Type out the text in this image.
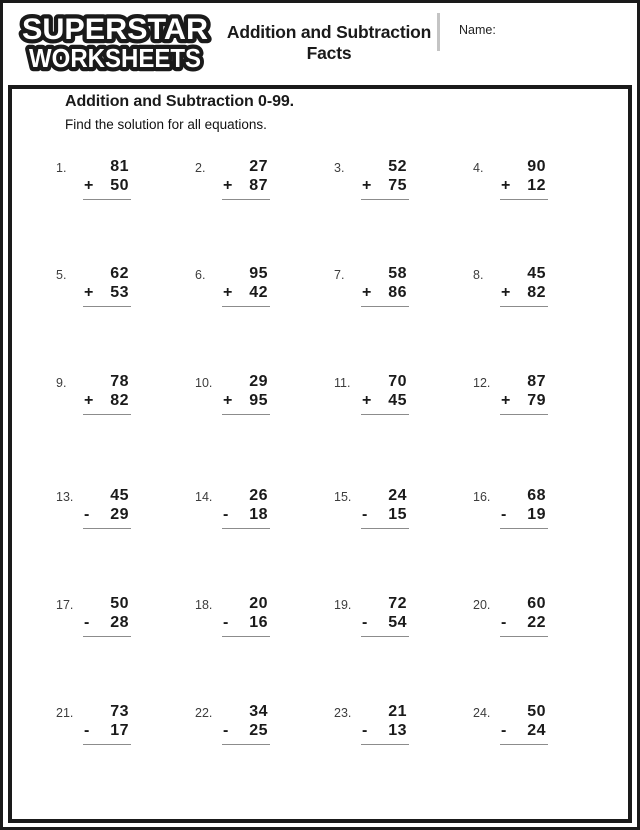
SUPERSTAR
WORKSHEETS
Addition and Subtraction
Facts
Name:
Addition and Subtraction 0-99.

Find the solution for all equations.

1.	81
+ 50
2.	27
+ 87
3.	52
+ 75
4.	90
+ 12
5.	62
+ 53
6.	95
+ 42
7.	58
+ 86
8.	45
+ 82
9.	78
+ 82
10.	29
+ 95
11.	70
+ 45
12.	87
+ 79
13.	45
- 29
14.	26
- 18
15.	24
- 15
16.	68
- 19
17.	50
- 28
18.	20
- 16
19.	72
- 54
20.	60
- 22
21.	73
- 17
22.	34
- 25
23.	21
- 13
24.	50
- 24
